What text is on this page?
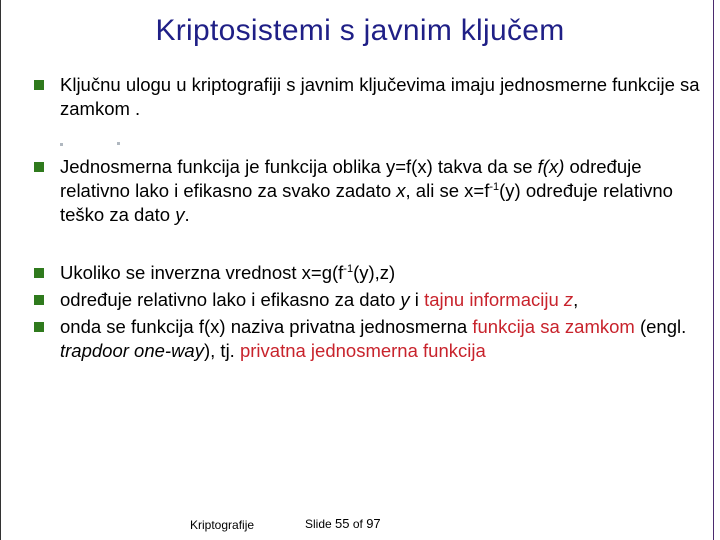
Kriptosistemi s javnim ključem
Ključnu ulogu u kriptografiji s javnim ključevima imaju jednosmerne funkcije sa zamkom .
Jednosmerna funkcija je funkcija oblika y=f(x) takva da se f(x) određuje relativno lako i efikasno za svako zadato x, ali se $x=f^{-1}(y)$ određuje relativno teško za dato y.
Ukoliko se inverzna vrednost $x=g(f^{-1}(y),z)$
određuje relativno lako i efikasno za dato y i tajnu informaciju z,
onda se funkcija f(x) naziva privatna jednosmerna funkcija sa zamkom (engl. trapdoor one-way), tj. privatna jednosmerna funkcija
Kriptografije	Slide 55 of 97
